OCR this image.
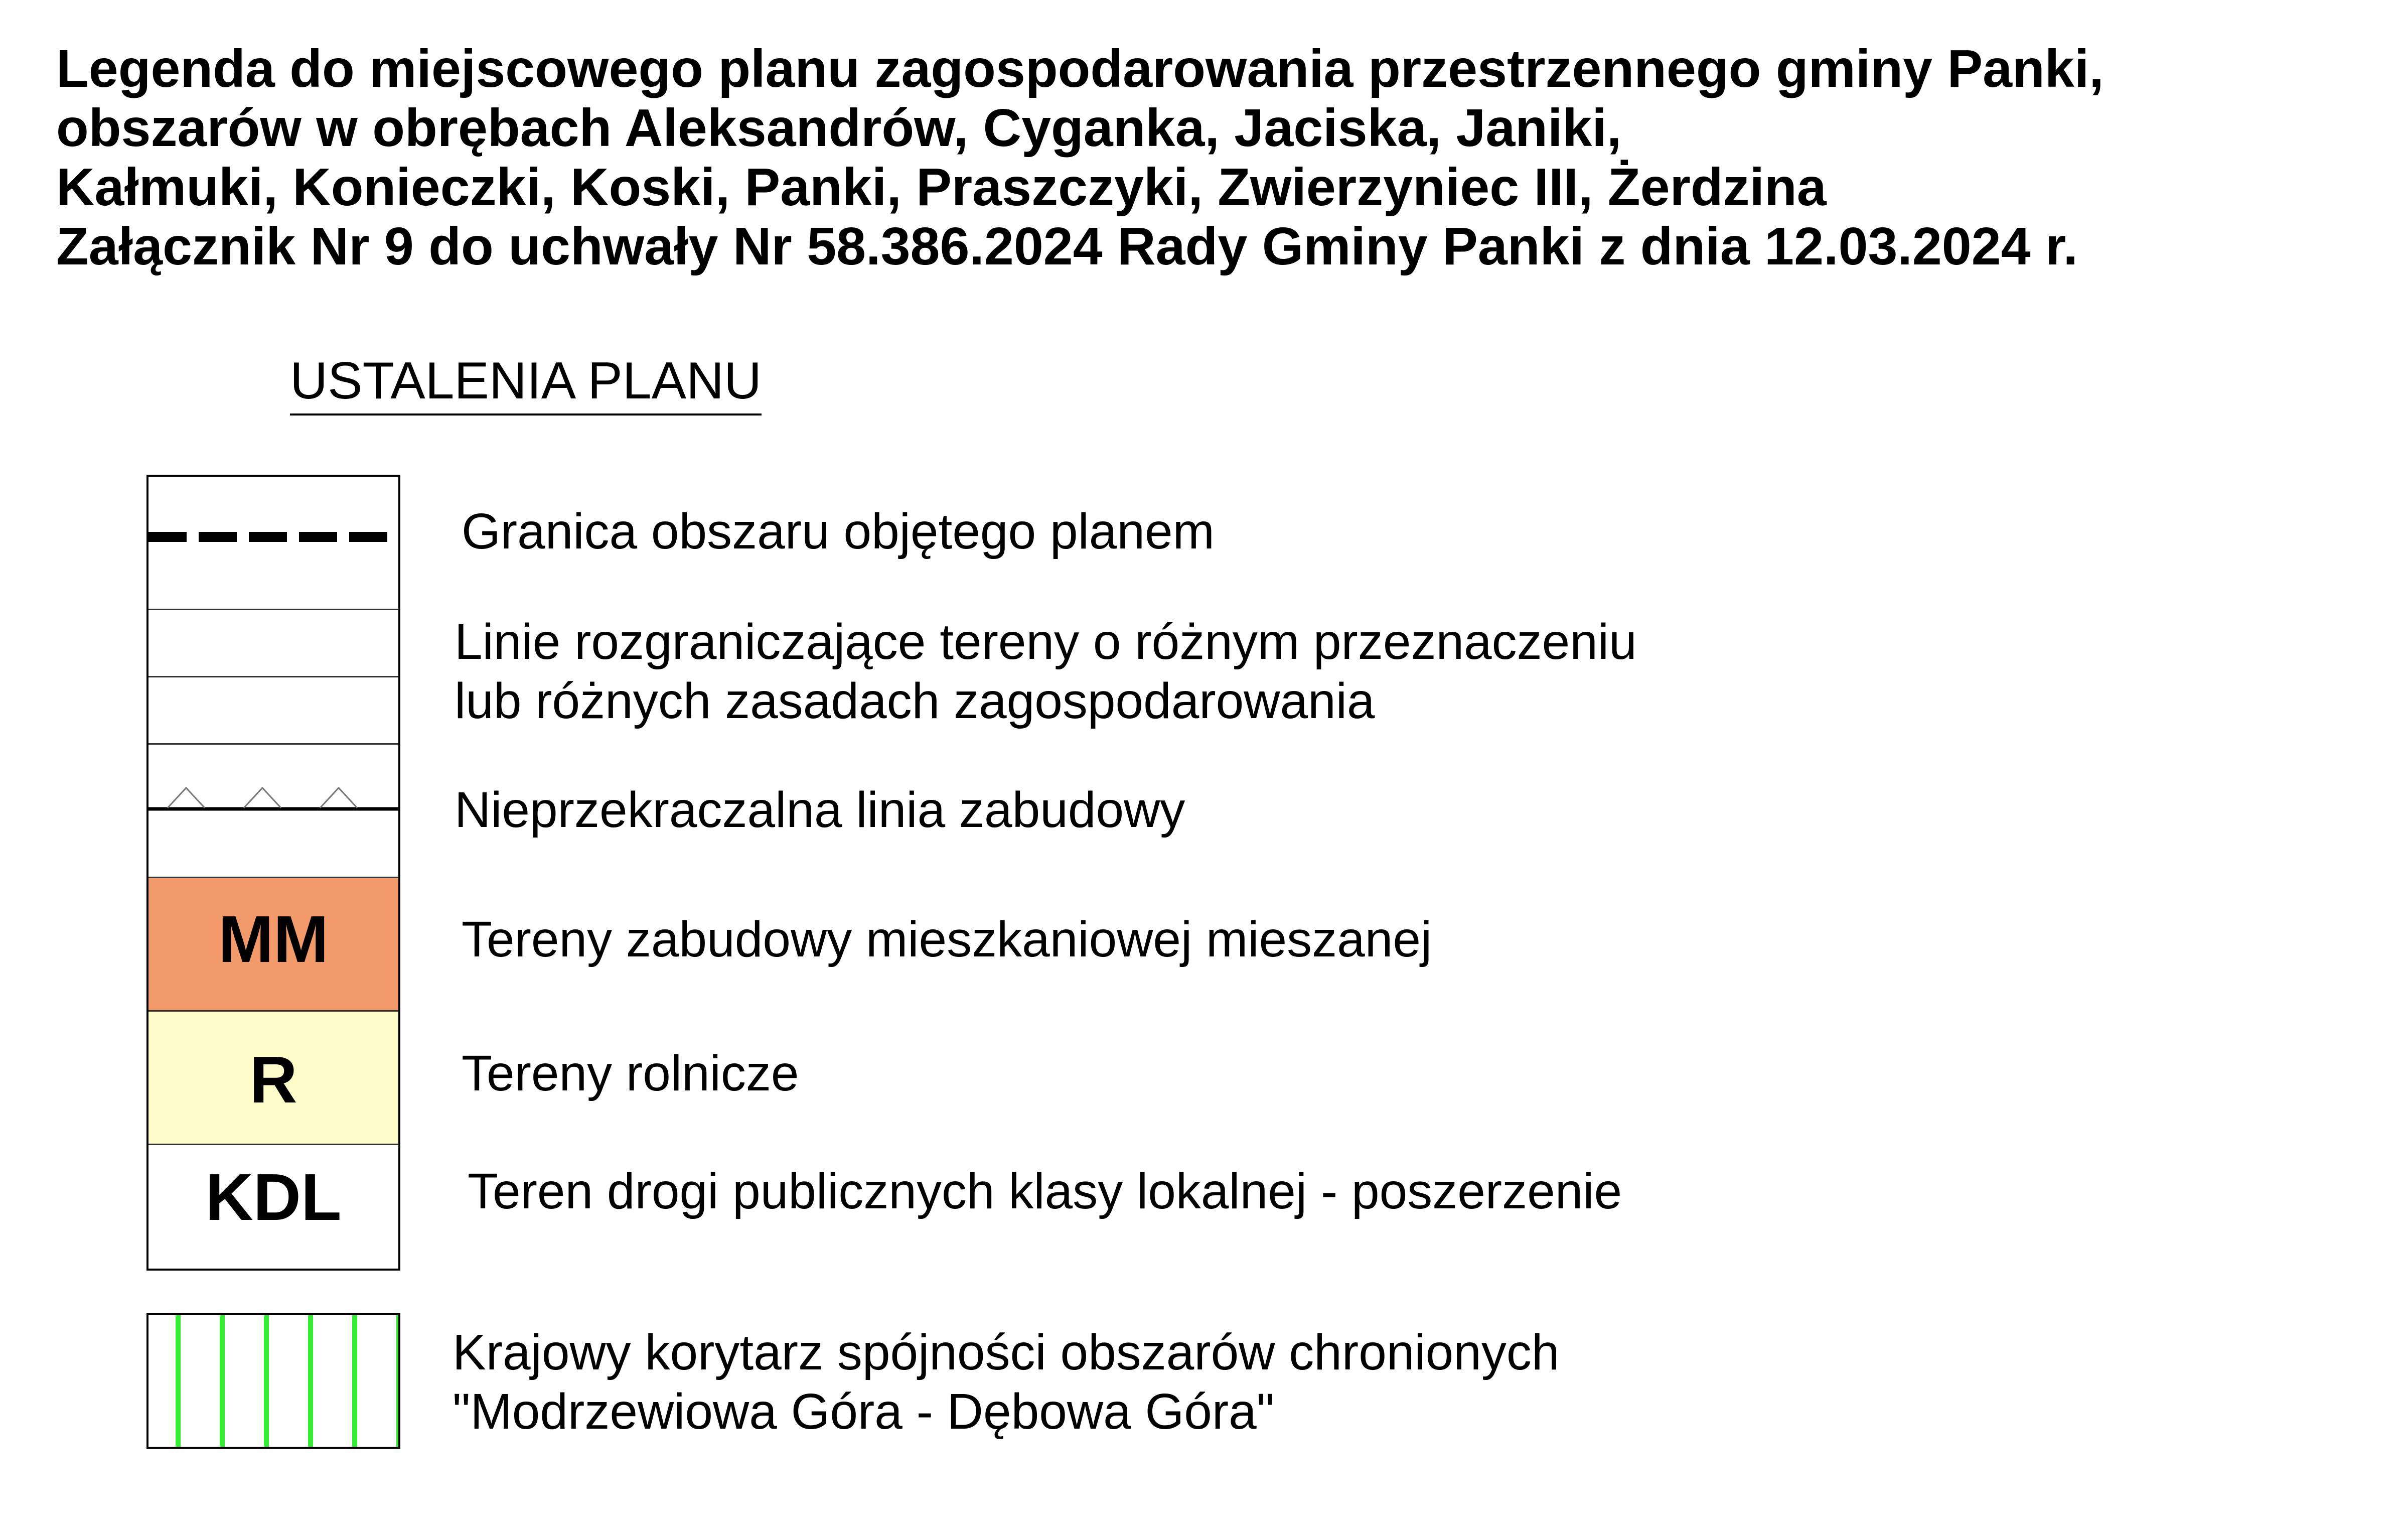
Legenda do miejscowego planu zagospodarowania przestrzennego gminy Panki,
obszarów w obrębach Aleksandrów, Cyganka, Jaciska, Janiki,
Kałmuki, Konieczki, Koski, Panki, Praszczyki, Zwierzyniec III, Żerdzina
Załącznik Nr 9 do uchwały Nr 58.386.2024 Rady Gminy Panki z dnia 12.03.2024 r.
USTALENIA PLANU
MM
R
KDL
Granica obszaru objętego planem
Linie rozgraniczające tereny o różnym przeznaczeniu
lub różnych zasadach zagospodarowania
Nieprzekraczalna linia zabudowy
Tereny zabudowy mieszkaniowej mieszanej
Tereny rolnicze
Teren drogi publicznych klasy lokalnej - poszerzenie
Krajowy korytarz spójności obszarów chronionych
"Modrzewiowa Góra - Dębowa Góra"
